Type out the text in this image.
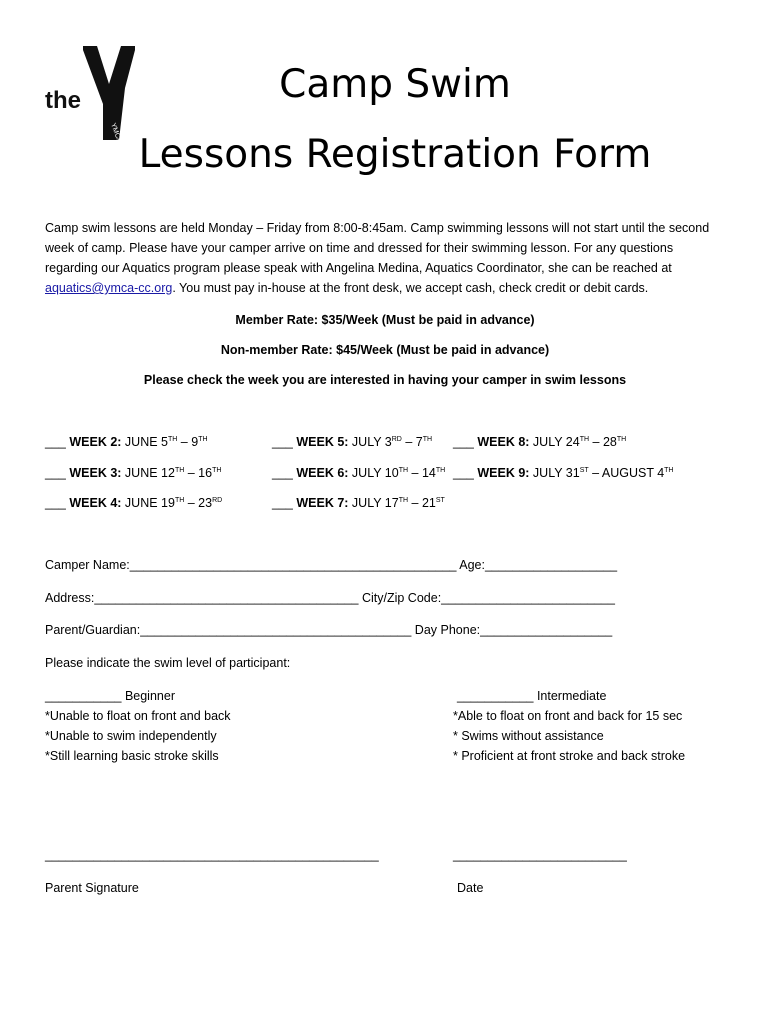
the
YMCA
Camp Swim
Lessons Registration Form
Camp swim lessons are held Monday – Friday from 8:00-8:45am. Camp swimming lessons will not start until the second week of camp. Please have your camper arrive on time and dressed for their swimming lesson. For any questions regarding our Aquatics program please speak with Angelina Medina, Aquatics Coordinator, she can be reached at aquatics@ymca-cc.org. You must pay in-house at the front desk, we accept cash, check credit or debit cards.
Member Rate: $35/Week (Must be paid in advance)
Non-member Rate: $45/Week (Must be paid in advance)
Please check the week you are interested in having your camper in swim lessons
___ WEEK 2: JUNE 5TH – 9TH
___ WEEK 3: JUNE 12TH – 16TH
___ WEEK 4: JUNE 19TH – 23RD
___ WEEK 5: JULY 3RD – 7TH
___ WEEK 6: JULY 10TH – 14TH
___ WEEK 7: JULY 17TH – 21ST
___ WEEK 8: JULY 24TH – 28TH
___ WEEK 9: JULY 31ST – AUGUST 4TH
Camper Name:_______________________________________________ Age:___________________
Address:______________________________________ City/Zip Code:_________________________
Parent/Guardian:_______________________________________ Day Phone:___________________
Please indicate the swim level of participant:
___________ Beginner
*Unable to float on front and back
*Unable to swim independently
*Still learning basic stroke skills
___________ Intermediate
*Able to float on front and back for 15 sec
* Swims without assistance
* Proficient at front stroke and back stroke
________________________________________________	_________________________
Parent Signature	Date
